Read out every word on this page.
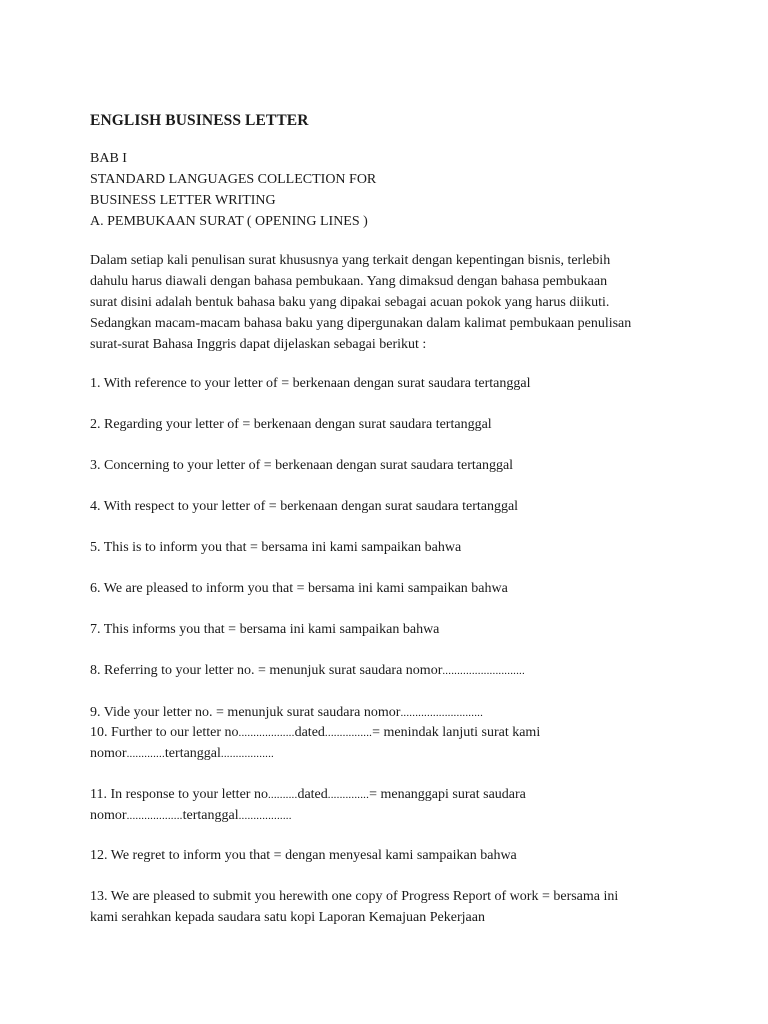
ENGLISH BUSINESS LETTER
BAB I
STANDARD LANGUAGES COLLECTION FOR
BUSINESS LETTER WRITING
A. PEMBUKAAN SURAT ( OPENING LINES )
Dalam setiap kali penulisan surat khususnya yang terkait dengan kepentingan bisnis, terlebih
dahulu harus diawali dengan bahasa pembukaan. Yang dimaksud dengan bahasa pembukaan
surat disini adalah bentuk bahasa baku yang dipakai sebagai acuan pokok yang harus diikuti.
Sedangkan macam-macam bahasa baku yang dipergunakan dalam kalimat pembukaan penulisan
surat-surat Bahasa Inggris dapat dijelaskan sebagai berikut :
1. With reference to your letter of = berkenaan dengan surat saudara tertanggal
2. Regarding your letter of = berkenaan dengan surat saudara tertanggal
3. Concerning to your letter of = berkenaan dengan surat saudara tertanggal
4. With respect to your letter of = berkenaan dengan surat saudara tertanggal
5. This is to inform you that = bersama ini kami sampaikan bahwa
6. We are pleased to inform you that = bersama ini kami sampaikan bahwa
7. This informs you that = bersama ini kami sampaikan bahwa
8. Referring to your letter no. = menunjuk surat saudara nomor............................
9. Vide your letter no. = menunjuk surat saudara nomor............................
10. Further to our letter no...................dated................= menindak lanjuti surat kami
nomor.............tertanggal..................
11. In response to your letter no..........dated..............= menanggapi surat saudara
nomor...................tertanggal..................
12. We regret to inform you that = dengan menyesal kami sampaikan bahwa
13. We are pleased to submit you herewith one copy of Progress Report of work = bersama ini
kami serahkan kepada saudara satu kopi Laporan Kemajuan Pekerjaan
